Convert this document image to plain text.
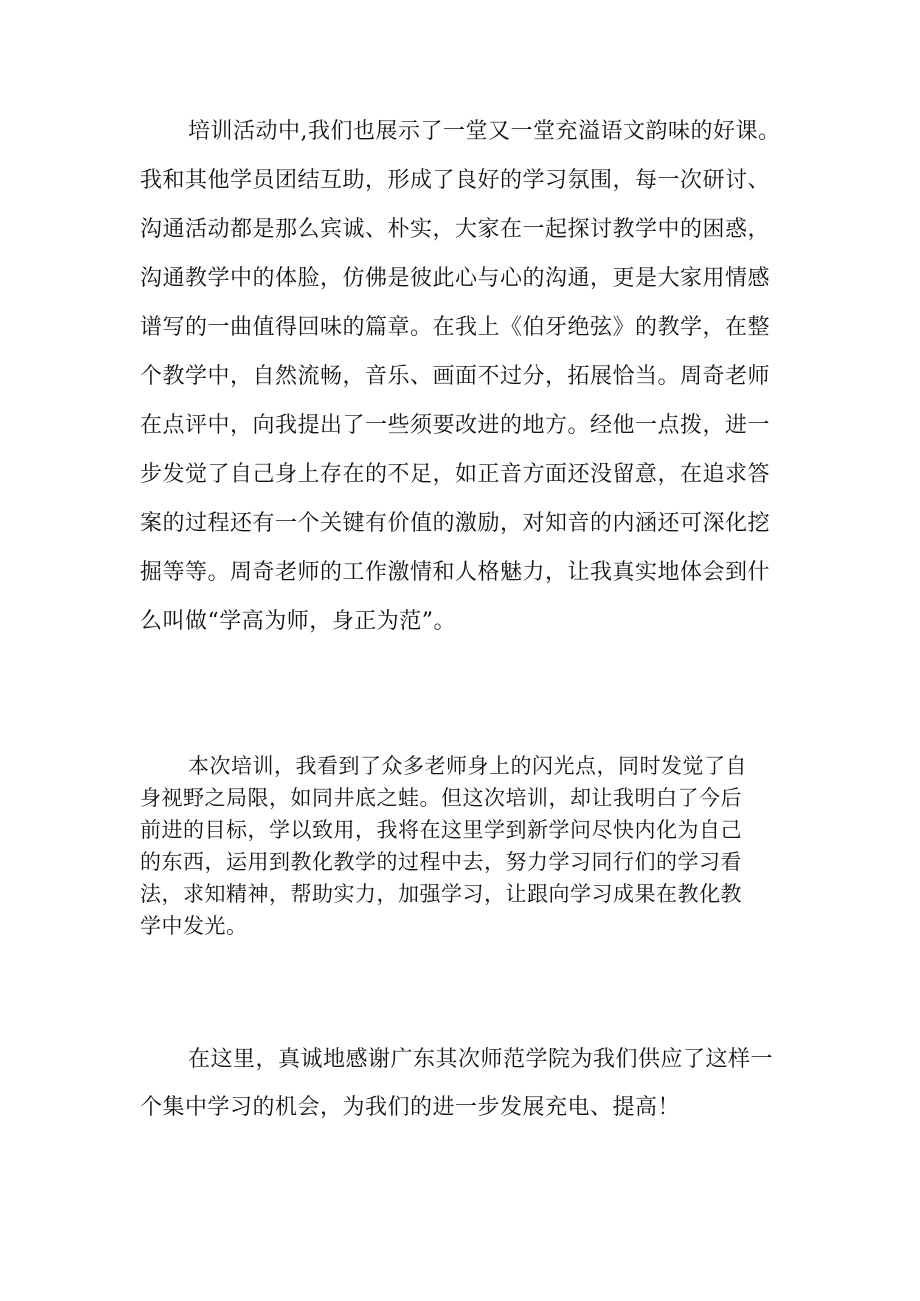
培训活动中,我们也展示了一堂又一堂充溢语文韵味的好课。
我和其他学员团结互助，形成了良好的学习氛围，每一次研讨、
沟通活动都是那么宾诚、朴实，大家在一起探讨教学中的困惑，
沟通教学中的体脸，仿佛是彼此心与心的沟通，更是大家用情感
谱写的一曲值得回味的篇章。在我上《伯牙绝弦》的教学，在整
个教学中，自然流畅，音乐、画面不过分，拓展恰当。周奇老师
在点评中，向我提出了一些须要改进的地方。经他一点拨，进一
步发觉了自己身上存在的不足，如正音方面还没留意，在追求答
案的过程还有一个关键有价值的激励，对知音的内涵还可深化挖
掘等等。周奇老师的工作激情和人格魅力，让我真实地体会到什
么叫做“学高为师，身正为范”。
本次培训，我看到了众多老师身上的闪光点，同时发觉了自
身视野之局限，如同井底之蛙。但这次培训，却让我明白了今后
前进的目标，学以致用，我将在这里学到新学问尽快内化为自己
的东西，运用到教化教学的过程中去，努力学习同行们的学习看
法，求知精神，帮助实力，加强学习，让跟向学习成果在教化教
学中发光。
在这里，真诚地感谢广东其次师范学院为我们供应了这样一
个集中学习的机会，为我们的进一步发展充电、提高！
